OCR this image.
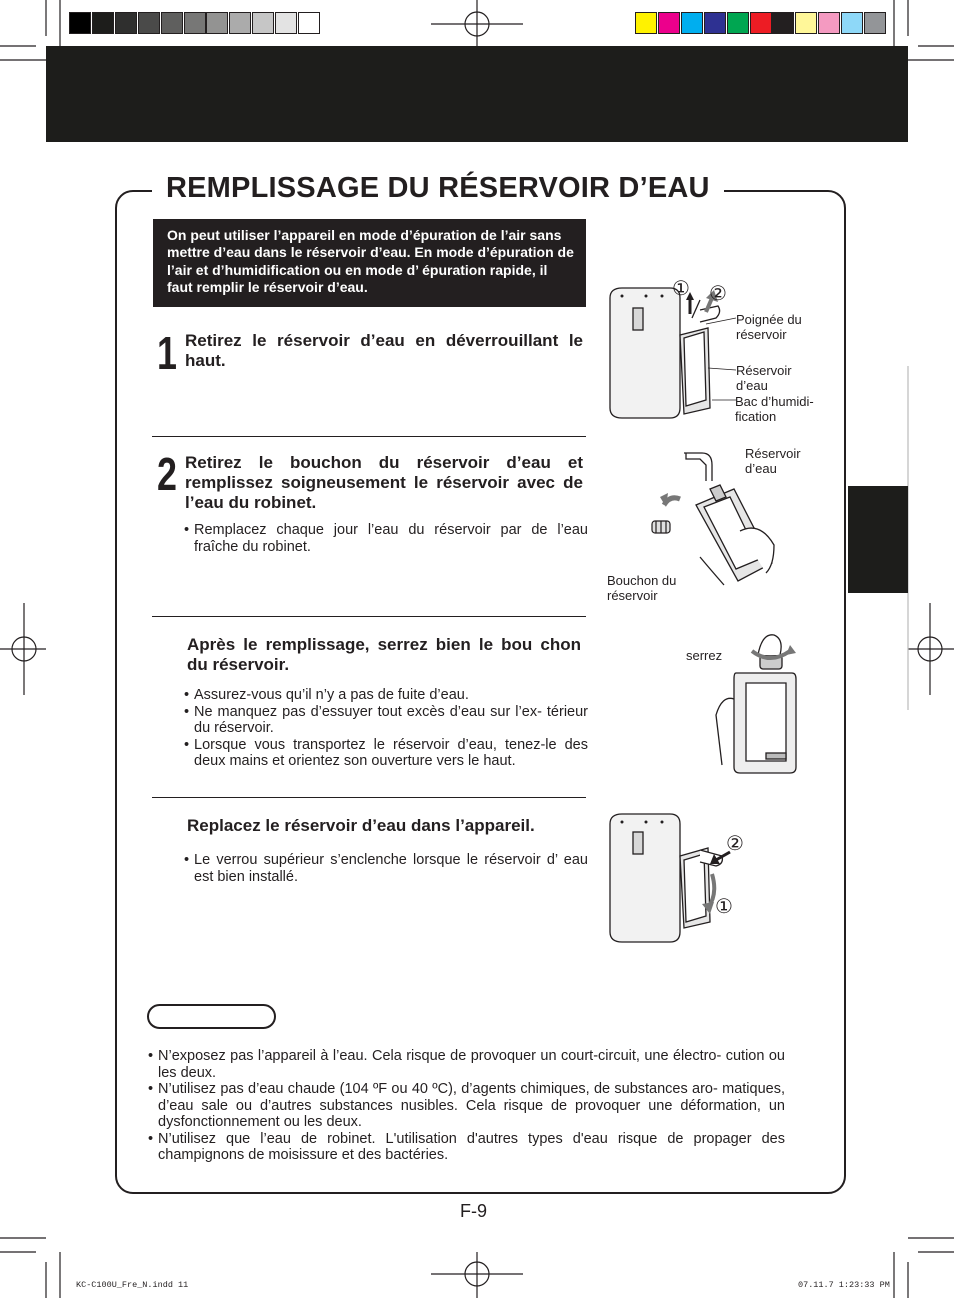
REMPLISSAGE DU RÉSERVOIR D’EAU
On peut utiliser l’appareil en mode d’épuration de l’air sans mettre d’eau dans le réservoir d’eau. En mode d’épuration de l’air et d’humidification ou en mode d’ épuration rapide, il faut remplir le réservoir d’eau.
1 Retirez le réservoir d’eau en déverrouillant le haut.
① ②
Poignée du réservoir
Réservoir d’eau
Bac d’humidi- fication
2 Retirez le bouchon du réservoir d’eau et remplissez soigneusement le réservoir avec de l’eau du robinet.
• Remplacez chaque jour l’eau du réservoir par de l’eau fraîche du robinet.
Réservoir d’eau
Bouchon du réservoir
Après le remplissage, serrez bien le bou chon du réservoir.
• Assurez-vous qu’il n’y a pas de fuite d’eau.
• Ne manquez pas d’essuyer tout excès d’eau sur l’ex- térieur du réservoir.
• Lorsque vous transportez le réservoir d’eau, tenez-le des deux mains et orientez son ouverture vers le haut.
serrez
Replacez le réservoir d’eau dans l’appareil.
• Le verrou supérieur s’enclenche lorsque le réservoir d’ eau est bien installé.
②
①
• N’exposez pas l’appareil à l’eau. Cela risque de provoquer un court-circuit, une électro- cution ou les deux.
• N’utilisez pas d’eau chaude (104 ºF ou 40 ºC), d’agents chimiques, de substances aro- matiques, d’eau sale ou d’autres substances nusibles. Cela risque de provoquer une déformation, un dysfonctionnement ou les deux.
• N’utilisez que l’eau de robinet. L'utilisation d'autres types d'eau risque de propager des champignons de moisissure et des bactéries.
F-9
KC-C100U_Fre_N.indd 11	07.11.7 1:23:33 PM
